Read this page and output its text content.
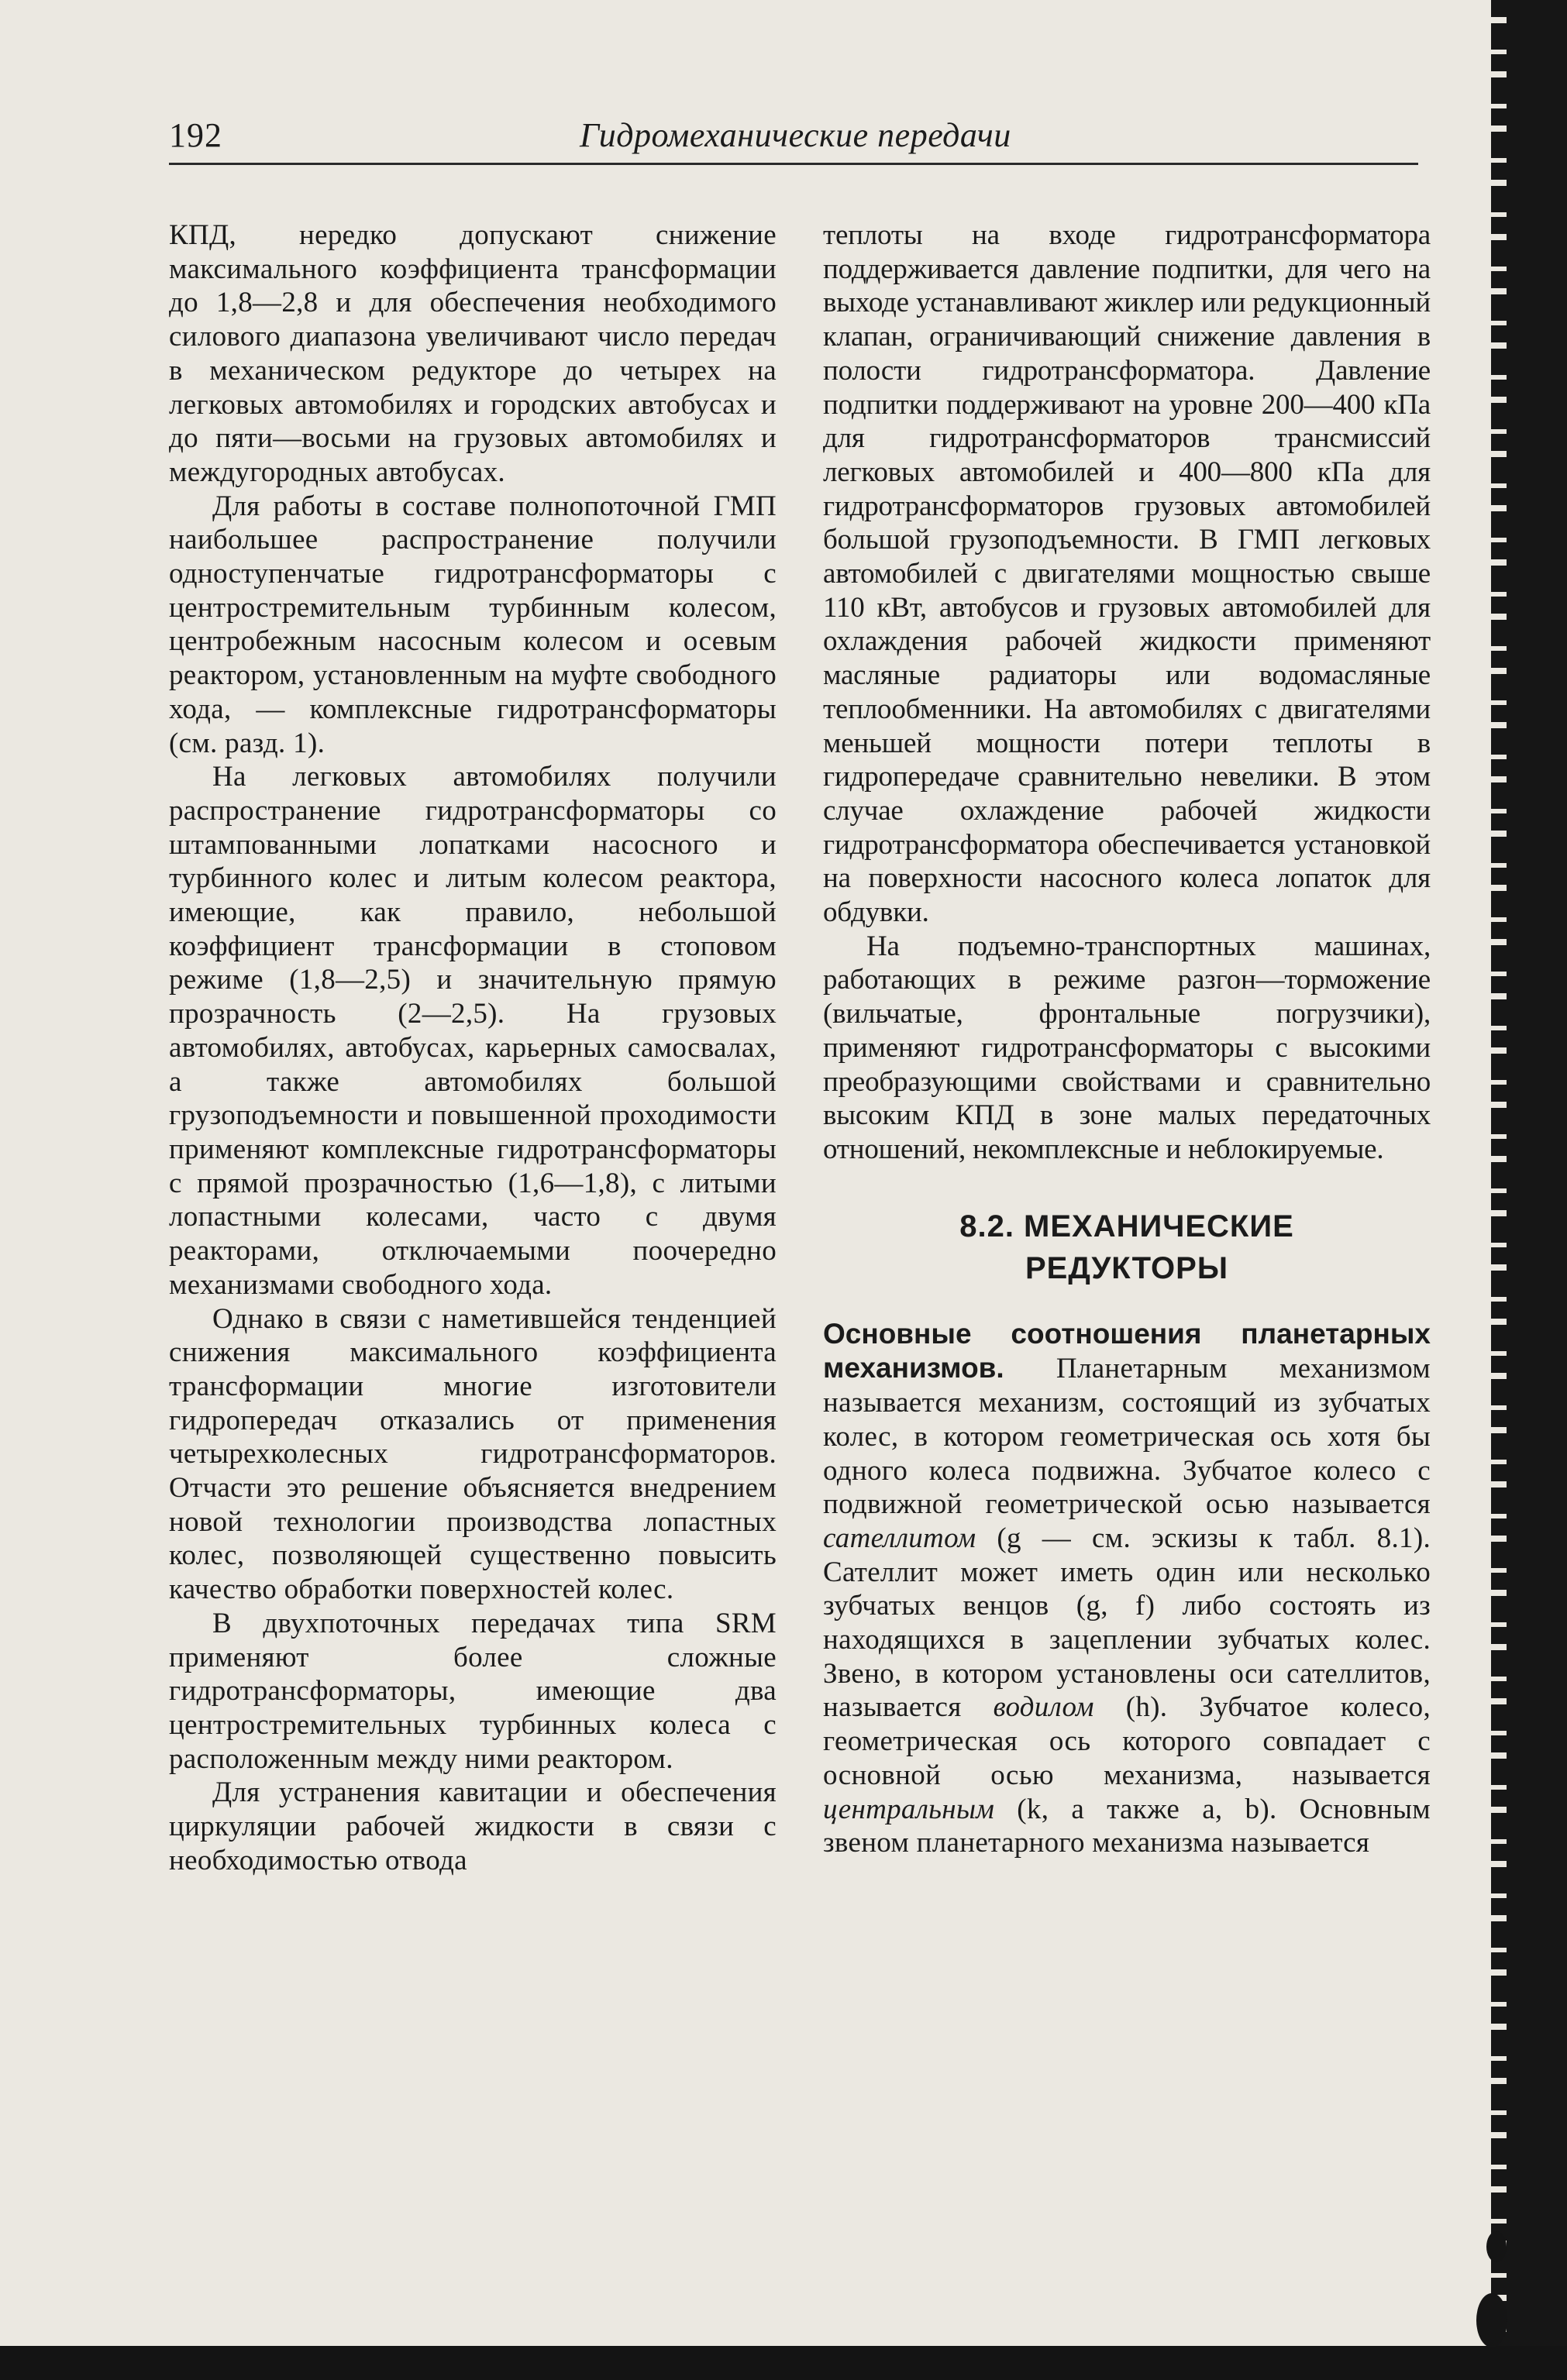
192	Гидромеханические передачи

КПД, нередко допускают снижение максимального коэффициента трансформации до 1,8—2,8 и для обеспечения необходимого силового диапазона увеличивают число передач в механическом редукторе до четырех на легковых автомобилях и городских автобусах и до пяти—восьми на грузовых автомобилях и междугородных автобусах.

Для работы в составе полнопоточной ГМП наибольшее распространение получили одноступенчатые гидротрансформаторы с центростремительным турбинным колесом, центробежным насосным колесом и осевым реактором, установленным на муфте свободного хода, — комплексные гидротрансформаторы (см. разд. 1).

На легковых автомобилях получили распространение гидротрансформаторы со штампованными лопатками насосного и турбинного колес и литым колесом реактора, имеющие, как правило, небольшой коэффициент трансформации в стоповом режиме (1,8—2,5) и значительную прямую прозрачность (2—2,5). На грузовых автомобилях, автобусах, карьерных самосвалах, а также автомобилях большой грузоподъемности и повышенной проходимости применяют комплексные гидротрансформаторы с прямой прозрачностью (1,6—1,8), с литыми лопастными колесами, часто с двумя реакторами, отключаемыми поочередно механизмами свободного хода.

Однако в связи с наметившейся тенденцией снижения максимального коэффициента трансформации многие изготовители гидропередач отказались от применения четырехколесных гидротрансформаторов. Отчасти это решение объясняется внедрением новой технологии производства лопастных колес, позволяющей существенно повысить качество обработки поверхностей колес.

В двухпоточных передачах типа SRM применяют более сложные гидротрансформаторы, имеющие два центростремительных турбинных колеса с расположенным между ними реактором.

Для устранения кавитации и обеспечения циркуляции рабочей жидкости в связи с необходимостью отвода

теплоты на входе гидротрансформатора поддерживается давление подпитки, для чего на выходе устанавливают жиклер или редукционный клапан, ограничивающий снижение давления в полости гидротрансформатора. Давление подпитки поддерживают на уровне 200—400 кПа для гидротрансформаторов трансмиссий легковых автомобилей и 400—800 кПа для гидротрансформаторов грузовых автомобилей большой грузоподъемности. В ГМП легковых автомобилей с двигателями мощностью свыше 110 кВт, автобусов и грузовых автомобилей для охлаждения рабочей жидкости применяют масляные радиаторы или водомасляные теплообменники. На автомобилях с двигателями меньшей мощности потери теплоты в гидропередаче сравнительно невелики. В этом случае охлаждение рабочей жидкости гидротрансформатора обеспечивается установкой на поверхности насосного колеса лопаток для обдувки.

На подъемно-транспортных машинах, работающих в режиме разгон—торможение (вильчатые, фронтальные погрузчики), применяют гидротрансформаторы с высокими преобразующими свойствами и сравнительно высоким КПД в зоне малых передаточных отношений, некомплексные и неблокируемые.

8.2. МЕХАНИЧЕСКИЕ

РЕДУКТОРЫ

Основные соотношения планетарных механизмов. Планетарным механизмом называется механизм, состоящий из зубчатых колес, в котором геометрическая ось хотя бы одного колеса подвижна. Зубчатое колесо с подвижной геометрической осью называется сателлитом (g — см. эскизы к табл. 8.1). Сателлит может иметь один или несколько зубчатых венцов (g, f) либо состоять из находящихся в зацеплении зубчатых колес. Звено, в котором установлены оси сателлитов, называется водилом (h). Зубчатое колесо, геометрическая ось которого совпадает с основной осью механизма, называется центральным (k, а также a, b). Основным звеном планетарного механизма называется
